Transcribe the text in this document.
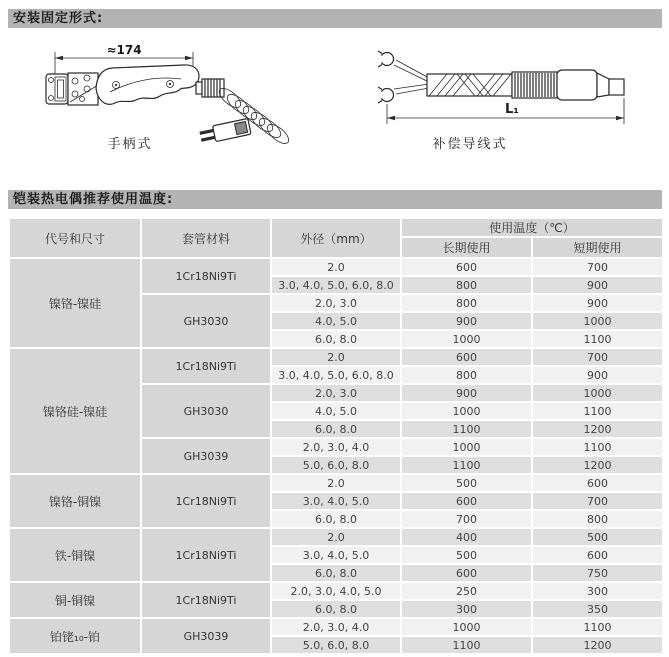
安装固定形式:
≈174
手柄式
L₁
补偿导线式
铠装热电偶推荐使用温度:
代号和尺寸	套管材料	外径（mm）	使用温度（℃）	
			长期使用	短期使用
镍铬-镍硅	1Cr18Ni9Ti	2.0	600	700
		3.0, 4.0, 5.0, 6.0, 8.0	800	900
	GH3030	2.0, 3.0	800	900
		4.0, 5.0	900	1000
		6.0, 8.0	1000	1100
镍铬硅-镍硅	1Cr18Ni9Ti	2.0	600	700
		3.0, 4.0, 5.0, 6.0, 8.0	800	900
	GH3030	2.0, 3.0	900	1000
		4.0, 5.0	1000	1100
		6.0, 8.0	1100	1200
	GH3039	2.0, 3.0, 4.0	1000	1100
		5.0, 6.0, 8.0	1100	1200
镍铬-铜镍	1Cr18Ni9Ti	2.0	500	600
		3.0, 4.0, 5.0	600	700
		6.0, 8.0	700	800
铁-铜镍	1Cr18Ni9Ti	2.0	400	500
		3.0, 4.0, 5.0	500	600
		6.0, 8.0	600	750
铜-铜镍	1Cr18Ni9Ti	2.0, 3.0, 4.0, 5.0	250	300
		6.0, 8.0	300	350
铂铑₁₀-铂	GH3039	2.0, 3.0, 4.0	1000	1100
		5.0, 6.0, 8.0	1100	1200
